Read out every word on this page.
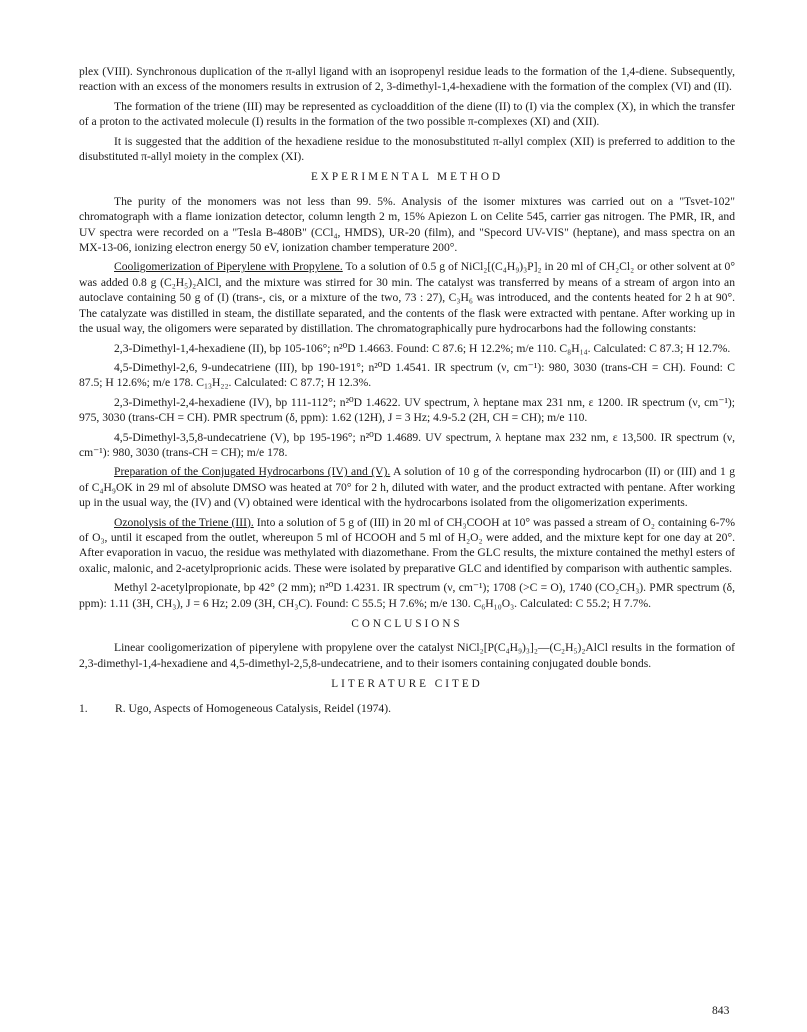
plex (VIII). Synchronous duplication of the π-allyl ligand with an isopropenyl residue leads to the formation of the 1,4-diene. Subsequently, reaction with an excess of the monomers results in extrusion of 2, 3-dimethyl-1,4-hexadiene with the formation of the complex (VI) and (II).

The formation of the triene (III) may be represented as cycloaddition of the diene (II) to (I) via the complex (X), in which the transfer of a proton to the activated molecule (I) results in the formation of the two possible π-complexes (XI) and (XII).

It is suggested that the addition of the hexadiene residue to the monosubstituted π-allyl complex (XII) is preferred to addition to the disubstituted π-allyl moiety in the complex (XI).

EXPERIMENTAL METHOD

The purity of the monomers was not less than 99. 5%. Analysis of the isomer mixtures was carried out on a "Tsvet-102" chromatograph with a flame ionization detector, column length 2 m, 15% Apiezon L on Celite 545, carrier gas nitrogen. The PMR, IR, and UV spectra were recorded on a "Tesla B-480B" (CCl₄, HMDS), UR-20 (film), and "Specord UV-VIS" (heptane), and mass spectra on an MX-13-06, ionizing electron energy 50 eV, ionization chamber temperature 200°.

Cooligomerization of Piperylene with Propylene. To a solution of 0.5 g of NiCl₂[(C₄H₉)₃P]₂ in 20 ml of CH₂Cl₂ or other solvent at 0° was added 0.8 g (C₂H₅)₂AlCl, and the mixture was stirred for 30 min. The catalyst was transferred by means of a stream of argon into an autoclave containing 50 g of (I) (trans-, cis, or a mixture of the two, 73 : 27), C₃H₆ was introduced, and the contents heated for 2 h at 90°. The catalyzate was distilled in steam, the distillate separated, and the contents of the flask were extracted with pentane. After working up in the usual way, the oligomers were separated by distillation. The chromatographically pure hydrocarbons had the following constants:

2,3-Dimethyl-1,4-hexadiene (II), bp 105-106°; n²⁰D 1.4663. Found: C 87.6; H 12.2%; m/e 110. C₈H₁₄. Calculated: C 87.3; H 12.7%.

4,5-Dimethyl-2,6, 9-undecatriene (III), bp 190-191°; n²⁰D 1.4541. IR spectrum (ν, cm⁻¹): 980, 3030 (trans-CH = CH). Found: C 87.5; H 12.6%; m/e 178. C₁₃H₂₂. Calculated: C 87.7; H 12.3%.

2,3-Dimethyl-2,4-hexadiene (IV), bp 111-112°; n²⁰D 1.4622. UV spectrum, λ heptane max 231 nm, ε 1200. IR spectrum (ν, cm⁻¹); 975, 3030 (trans-CH = CH). PMR spectrum (δ, ppm): 1.62 (12H), J = 3 Hz; 4.9-5.2 (2H, CH = CH); m/e 110.

4,5-Dimethyl-3,5,8-undecatriene (V), bp 195-196°; n²⁰D 1.4689. UV spectrum, λ heptane max 232 nm, ε 13,500. IR spectrum (ν, cm⁻¹): 980, 3030 (trans-CH = CH); m/e 178.

Preparation of the Conjugated Hydrocarbons (IV) and (V). A solution of 10 g of the corresponding hydrocarbon (II) or (III) and 1 g of C₄H₉OK in 29 ml of absolute DMSO was heated at 70° for 2 h, diluted with water, and the product extracted with pentane. After working up in the usual way, the (IV) and (V) obtained were identical with the hydrocarbons isolated from the oligomerization experiments.

Ozonolysis of the Triene (III). Into a solution of 5 g of (III) in 20 ml of CH₃COOH at 10° was passed a stream of O₂ containing 6-7% of O₃, until it escaped from the outlet, whereupon 5 ml of HCOOH and 5 ml of H₂O₂ were added, and the mixture kept for one day at 20°. After evaporation in vacuo, the residue was methylated with diazomethane. From the GLC results, the mixture contained the methyl esters of oxalic, malonic, and 2-acetylproprionic acids. These were isolated by preparative GLC and identified by comparison with authentic samples.

Methyl 2-acetylpropionate, bp 42° (2 mm); n²⁰D 1.4231. IR spectrum (ν, cm⁻¹); 1708 (>C = O), 1740 (CO₂CH₃). PMR spectrum (δ, ppm): 1.11 (3H, CH₃), J = 6 Hz; 2.09 (3H, CH₃C). Found: C 55.5; H 7.6%; m/e 130. C₆H₁₀O₃. Calculated: C 55.2; H 7.7%.

CONCLUSIONS

Linear cooligomerization of piperylene with propylene over the catalyst NiCl₂[P(C₄H₉)₃]₂—(C₂H₅)₂AlCl results in the formation of 2,3-dimethyl-1,4-hexadiene and 4,5-dimethyl-2,5,8-undecatriene, and to their isomers containing conjugated double bonds.

LITERATURE CITED
1.	R. Ugo, Aspects of Homogeneous Catalysis, Reidel (1974).
843
